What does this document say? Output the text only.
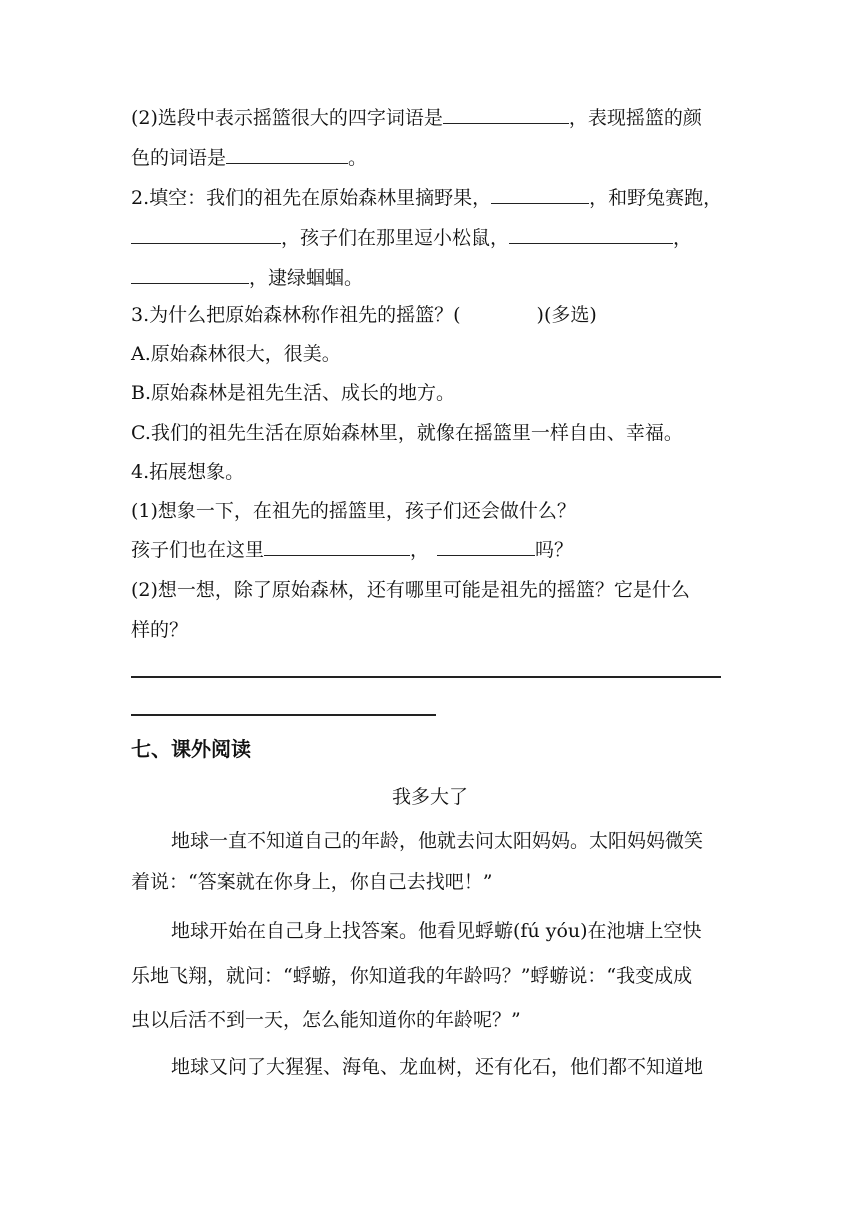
(2)选段中表示摇篮很大的四字词语是	，表现摇篮的颜
色的词语是	。
2.填空：我们的祖先在原始森林里摘野果，	，和野兔赛跑，
，孩子们在那里逗小松鼠，	，
，逮绿蝈蝈。
3.为什么把原始森林称作祖先的摇篮？(	)(多选)
A.原始森林很大，很美。
B.原始森林是祖先生活、成长的地方。
C.我们的祖先生活在原始森林里，就像在摇篮里一样自由、幸福。
4.拓展想象。
(1)想象一下，在祖先的摇篮里，孩子们还会做什么？
孩子们也在这里	，	吗？
(2)想一想，除了原始森林，还有哪里可能是祖先的摇篮？它是什么
样的？
七、课外阅读
我多大了
地球一直不知道自己的年龄，他就去问太阳妈妈。太阳妈妈微笑
着说：“答案就在你身上，你自己去找吧！”
地球开始在自己身上找答案。他看见蜉蝣(fú yóu)在池塘上空快
乐地飞翔，就问：“蜉蝣，你知道我的年龄吗？”蜉蝣说：“我变成成
虫以后活不到一天，怎么能知道你的年龄呢？”
地球又问了大猩猩、海龟、龙血树，还有化石，他们都不知道地
